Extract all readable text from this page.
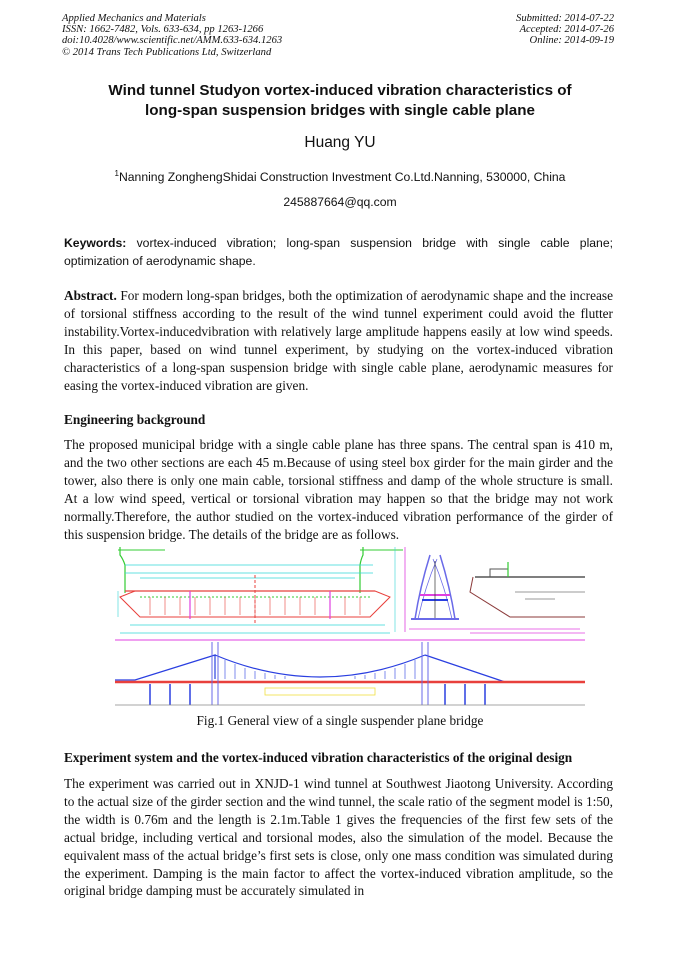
Applied Mechanics and Materials
ISSN: 1662-7482, Vols. 633-634, pp 1263-1266
doi:10.4028/www.scientific.net/AMM.633-634.1263
© 2014 Trans Tech Publications Ltd, Switzerland
Submitted: 2014-07-22
Accepted: 2014-07-26
Online: 2014-09-19
Wind tunnel Studyon vortex-induced vibration characteristics of
long-span suspension bridges with single cable plane
Huang YU
$^1$Nanning ZonghengShidai Construction Investment Co.Ltd.Nanning, 530000, China
245887664@qq.com
Keywords: vortex-induced vibration; long-span suspension bridge with single cable plane; optimization of aerodynamic shape.
Abstract. For modern long-span bridges, both the optimization of aerodynamic shape and the increase of torsional stiffness according to the result of the wind tunnel experiment could avoid the flutter instability.Vortex-inducedvibration with relatively large amplitude happens easily at low wind speeds. In this paper, based on wind tunnel experiment, by studying on the vortex-induced vibration characteristics of a long-span suspension bridge with single cable plane, aerodynamic measures for easing the vortex-induced vibration are given.
Engineering background
The proposed municipal bridge with a single cable plane has three spans. The central span is 410 m, and the two other sections are each 45 m.Because of using steel box girder for the main girder and the tower, also there is only one main cable, torsional stiffness and damp of the whole structure is small. At a low wind speed, vertical or torsional vibration may happen so that the bridge may not work normally.Therefore, the author studied on the vortex-induced vibration performance of the girder of this suspension bridge. The details of the bridge are as follows.
Fig.1 General view of a single suspender plane bridge
Experiment system and the vortex-induced vibration characteristics of the original design
The experiment was carried out in XNJD-1 wind tunnel at Southwest Jiaotong University. According to the actual size of the girder section and the wind tunnel, the scale ratio of the segment model is 1:50, the width is 0.76m and the length is 2.1m.Table 1 gives the frequencies of the first few sets of the actual bridge, including vertical and torsional modes, also the simulation of the model. Because the equivalent mass of the actual bridge’s first sets is close, only one mass condition was simulated during the experiment. Damping is the main factor to affect the vortex-induced vibration amplitude, so the original bridge damping must be accurately simulated in
